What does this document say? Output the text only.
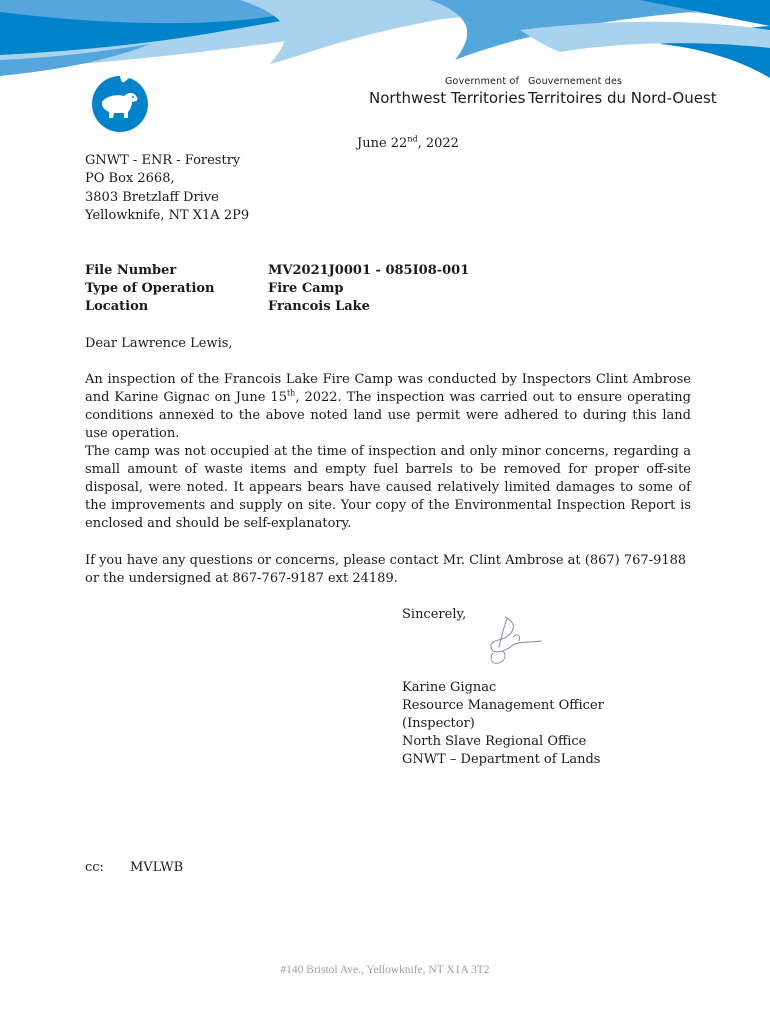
Government of
Northwest Territories
Gouvernement des
Territoires du Nord-Ouest
June 22nd, 2022
GNWT - ENR - Forestry
PO Box 2668,
3803 Bretzlaff Drive
Yellowknife, NT X1A 2P9
File Number	MV2021J0001 - 085I08-001
Type of Operation	Fire Camp
Location	Francois Lake
Dear Lawrence Lewis,
An inspection of the Francois Lake Fire Camp was conducted by Inspectors Clint Ambrose and Karine Gignac on June 15th, 2022. The inspection was carried out to ensure operating conditions annexed to the above noted land use permit were adhered to during this land use operation.
The camp was not occupied at the time of inspection and only minor concerns, regarding a small amount of waste items and empty fuel barrels to be removed for proper off-site disposal, were noted. It appears bears have caused relatively limited damages to some of the improvements and supply on site. Your copy of the Environmental Inspection Report is enclosed and should be self-explanatory.
If you have any questions or concerns, please contact Mr. Clint Ambrose at (867) 767-9188 or the undersigned at 867-767-9187 ext 24189.
Sincerely,
Karine Gignac
Resource Management Officer
(Inspector)
North Slave Regional Office
GNWT – Department of Lands
cc: MVLWB
#140 Bristol Ave., Yellowknife, NT X1A 3T2
